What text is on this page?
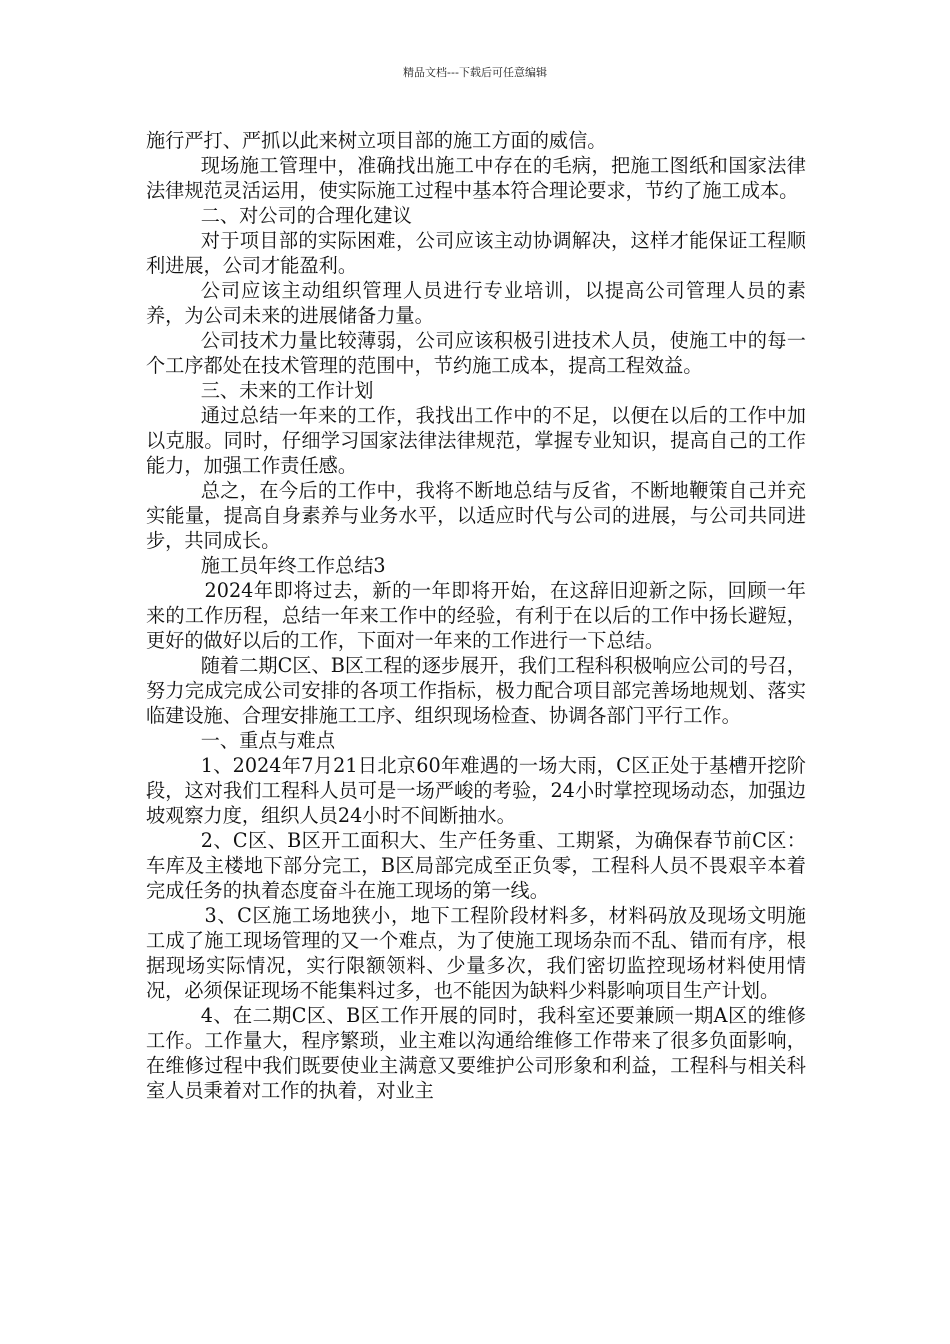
精品文档---下载后可任意编辑

施行严打、严抓以此来树立项目部的施工方面的威信。

现场施工管理中，准确找出施工中存在的毛病，把施工图纸和国家法律法律规范灵活运用，使实际施工过程中基本符合理论要求，节约了施工成本。

二、对公司的合理化建议

对于项目部的实际困难，公司应该主动协调解决，这样才能保证工程顺利进展，公司才能盈利。

公司应该主动组织管理人员进行专业培训，以提高公司管理人员的素养，为公司未来的进展储备力量。

公司技术力量比较薄弱，公司应该积极引进技术人员，使施工中的每一个工序都处在技术管理的范围中，节约施工成本，提高工程效益。

三、未来的工作计划

通过总结一年来的工作，我找出工作中的不足，以便在以后的工作中加以克服。同时，仔细学习国家法律法律规范，掌握专业知识，提高自己的工作能力，加强工作责任感。

总之，在今后的工作中，我将不断地总结与反省，不断地鞭策自己并充实能量，提高自身素养与业务水平，以适应时代与公司的进展，与公司共同进步，共同成长。

施工员年终工作总结3

2024年即将过去，新的一年即将开始，在这辞旧迎新之际，回顾一年来的工作历程，总结一年来工作中的经验，有利于在以后的工作中扬长避短，更好的做好以后的工作，下面对一年来的工作进行一下总结。

随着二期C区、B区工程的逐步展开，我们工程科积极响应公司的号召，努力完成完成公司安排的各项工作指标，极力配合项目部完善场地规划、落实临建设施、合理安排施工工序、组织现场检查、协调各部门平行工作。

一、重点与难点

1、2024年7月21日北京60年难遇的一场大雨，C区正处于基槽开挖阶段，这对我们工程科人员可是一场严峻的考验，24小时掌控现场动态，加强边坡观察力度，组织人员24小时不间断抽水。

2、C区、B区开工面积大、生产任务重、工期紧，为确保春节前C区：车库及主楼地下部分完工，B区局部完成至正负零，工程科人员不畏艰辛本着完成任务的执着态度奋斗在施工现场的第一线。

3、C区施工场地狭小，地下工程阶段材料多，材料码放及现场文明施工成了施工现场管理的又一个难点，为了使施工现场杂而不乱、错而有序，根据现场实际情况，实行限额领料、少量多次，我们密切监控现场材料使用情况，必须保证现场不能集料过多，也不能因为缺料少料影响项目生产计划。

4、在二期C区、B区工作开展的同时，我科室还要兼顾一期A区的维修工作。工作量大，程序繁琐，业主难以沟通给维修工作带来了很多负面影响，在维修过程中我们既要使业主满意又要维护公司形象和利益，工程科与相关科室人员秉着对工作的执着，对业主
